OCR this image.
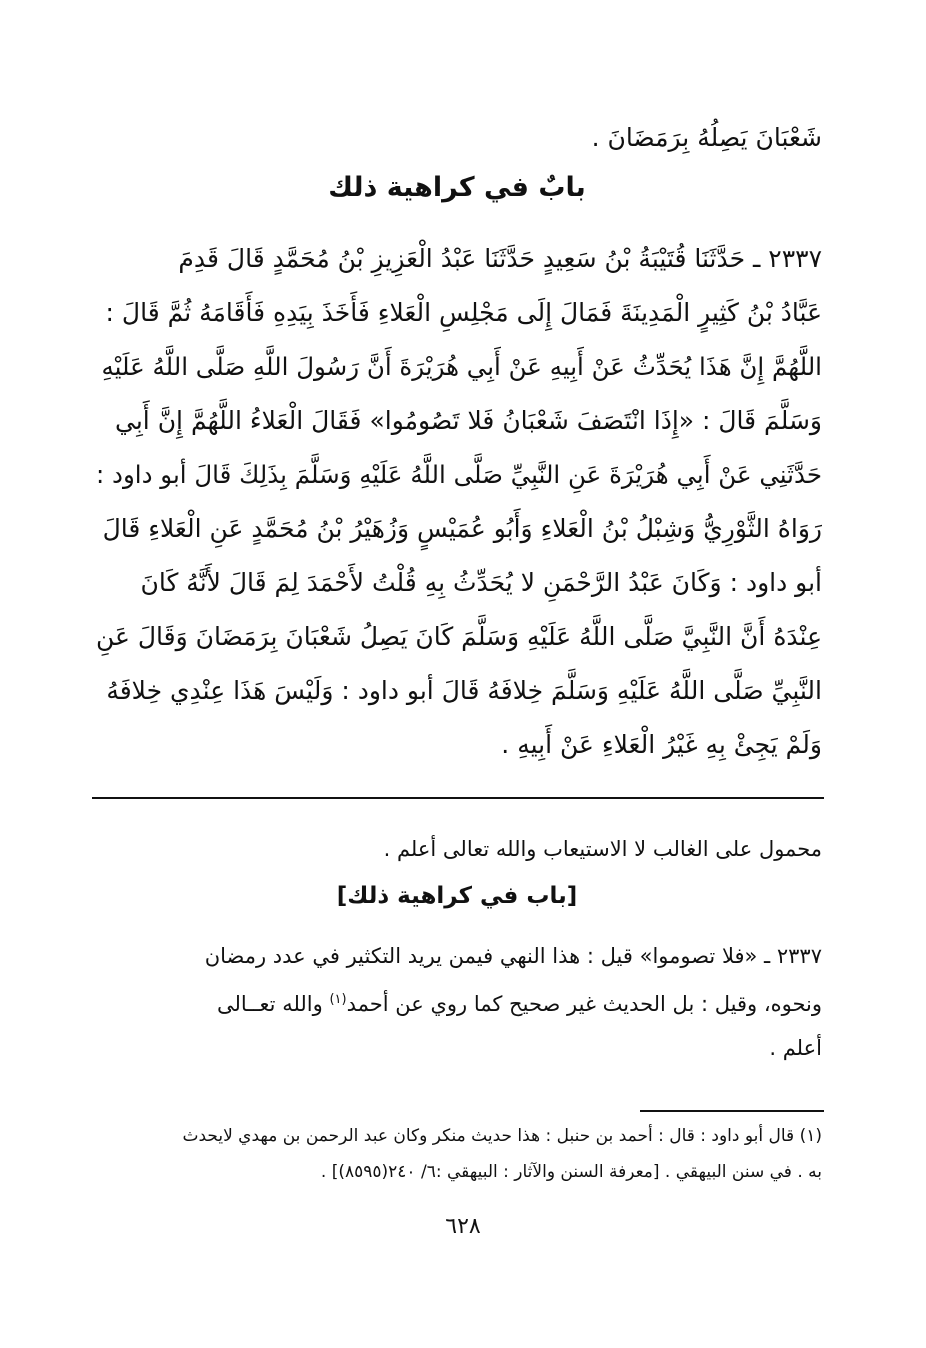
شَعْبَانَ يَصِلُهُ بِرَمَضَانَ .
بابٌ في كراهية ذلك
٢٣٣٧ ـ حَدَّثَنَا قُتَيْبَةُ بْنُ سَعِيدٍ حَدَّثَنَا عَبْدُ الْعَزِيزِ بْنُ مُحَمَّدٍ قَالَ قَدِمَ
عَبَّادُ بْنُ كَثِيرٍ الْمَدِينَةَ فَمَالَ إِلَى مَجْلِسِ الْعَلاءِ فَأَخَذَ بِيَدِهِ فَأَقَامَهُ ثُمَّ قَالَ :
اللَّهُمَّ إِنَّ هَذَا يُحَدِّثُ عَنْ أَبِيهِ عَنْ أَبِي هُرَيْرَةَ أَنَّ رَسُولَ اللَّهِ صَلَّى اللَّهُ عَلَيْهِ
وَسَلَّمَ قَالَ : «إِذَا انْتَصَفَ شَعْبَانُ فَلا تَصُومُوا» فَقَالَ الْعَلاءُ اللَّهُمَّ إِنَّ أَبِي
حَدَّثَنِي عَنْ أَبِي هُرَيْرَةَ عَنِ النَّبِيِّ صَلَّى اللَّهُ عَلَيْهِ وَسَلَّمَ بِذَلِكَ قَالَ أبو داود :
رَوَاهُ الثَّوْرِيُّ وَشِبْلُ بْنُ الْعَلاءِ وَأَبُو عُمَيْسٍ وَزُهَيْرُ بْنُ مُحَمَّدٍ عَنِ الْعَلاءِ قَالَ
أبو داود : وَكَانَ عَبْدُ الرَّحْمَنِ لا يُحَدِّثُ بِهِ قُلْتُ لأَحْمَدَ لِمَ قَالَ لأَنَّهُ كَانَ
عِنْدَهُ أَنَّ النَّبِيَّ صَلَّى اللَّهُ عَلَيْهِ وَسَلَّمَ كَانَ يَصِلُ شَعْبَانَ بِرَمَضَانَ وَقَالَ عَنِ
النَّبِيِّ صَلَّى اللَّهُ عَلَيْهِ وَسَلَّمَ خِلافَهُ قَالَ أبو داود : وَلَيْسَ هَذَا عِنْدِي خِلافَهُ
وَلَمْ يَجِئْ بِهِ غَيْرُ الْعَلاءِ عَنْ أَبِيهِ .
محمول على الغالب لا الاستيعاب والله تعالى أعلم .
[باب في كراهية ذلك]
٢٣٣٧ ـ «فلا تصوموا» قيل : هذا النهي فيمن يريد التكثير في عدد رمضان
ونحوه، وقيل : بل الحديث غير صحيح كما روي عن أحمد$^{(١)}$ والله تعــالى
أعلم .
(١) قال أبو داود : قال : أحمد بن حنبل : هذا حديث منكر وكان عبد الرحمن بن مهدي لايحدث
به . في سنن البيهقي . [معرفة السنن والآثار : البيهقي :٦/ ٢٤٠(٨٥٩٥)] .
٦٢٨
